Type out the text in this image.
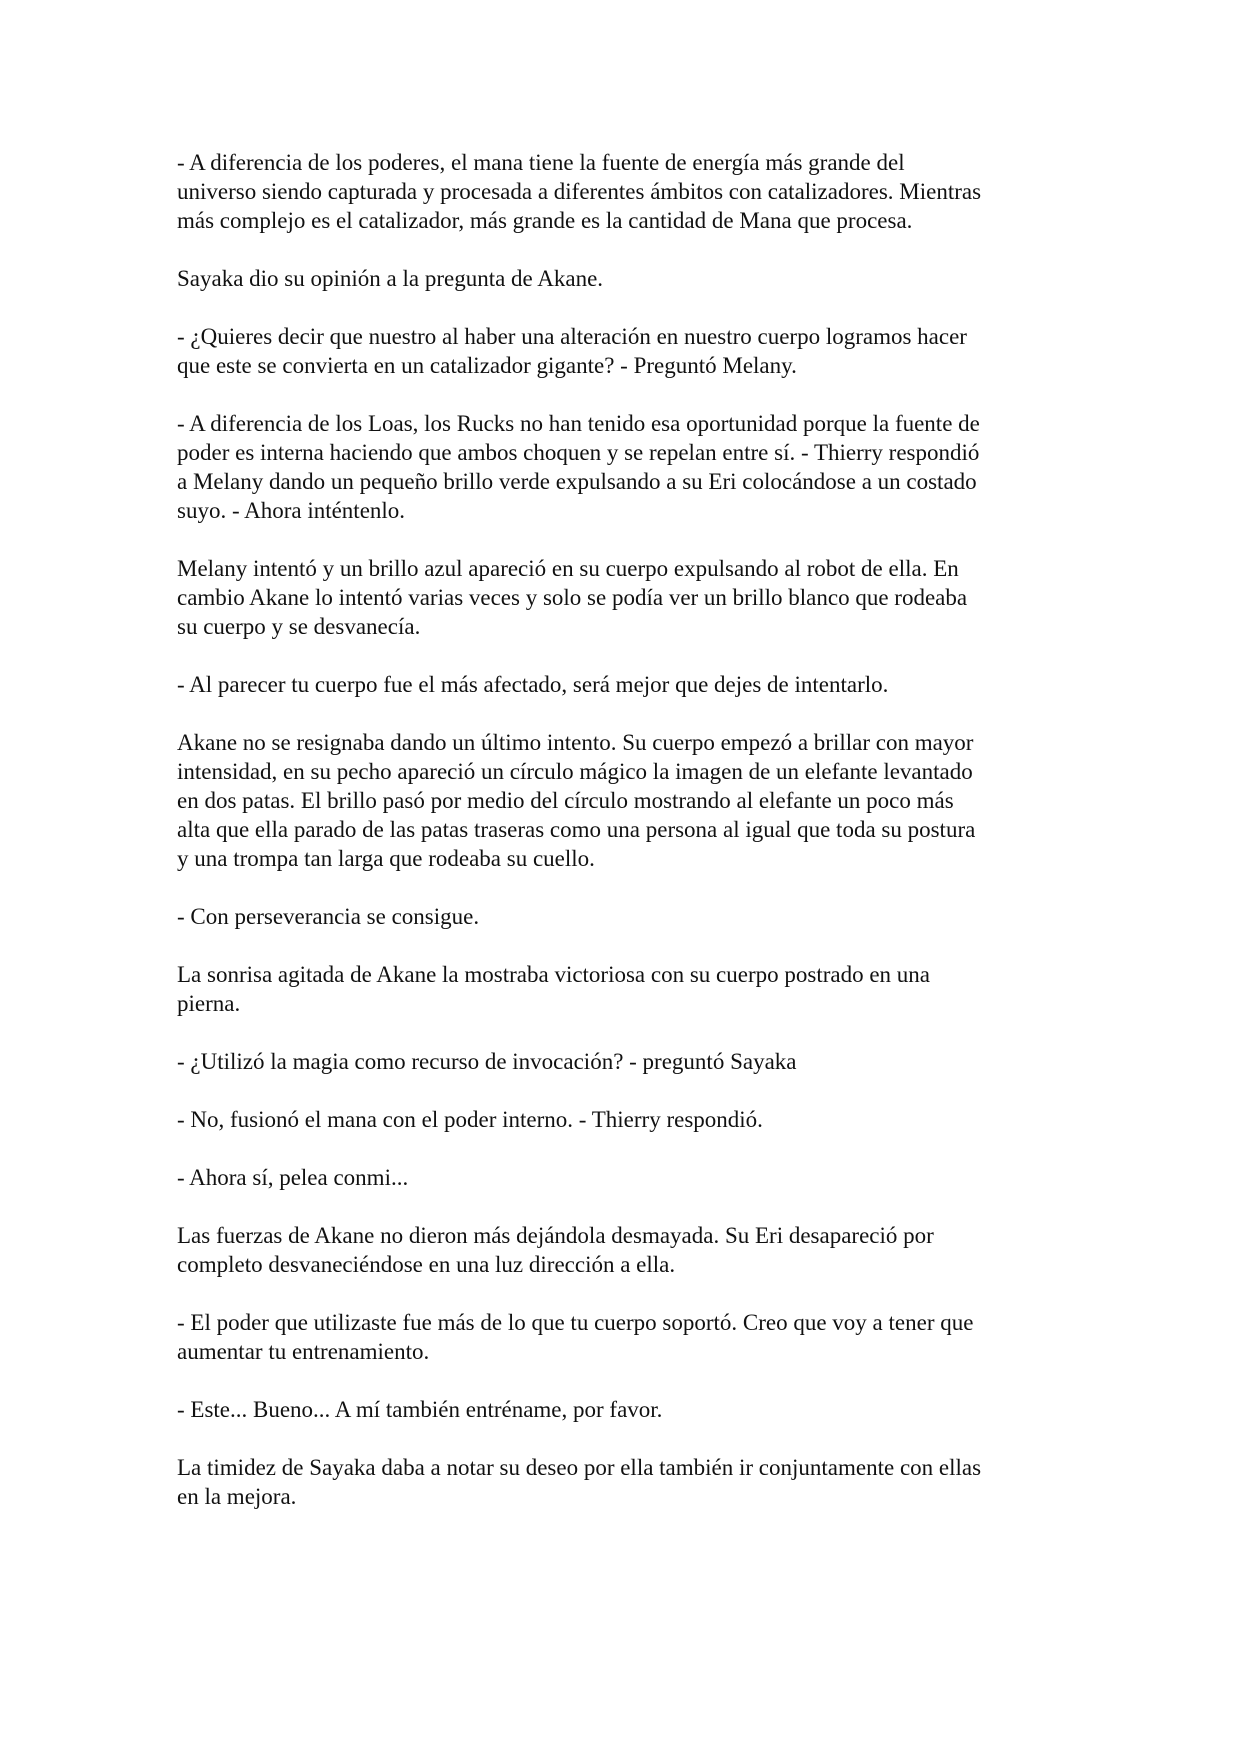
- A diferencia de los poderes, el mana tiene la fuente de energía más grande del
universo siendo capturada y procesada a diferentes ámbitos con catalizadores. Mientras
más complejo es el catalizador, más grande es la cantidad de Mana que procesa.

Sayaka dio su opinión a la pregunta de Akane.

- ¿Quieres decir que nuestro al haber una alteración en nuestro cuerpo logramos hacer
que este se convierta en un catalizador gigante? - Preguntó Melany.

- A diferencia de los Loas, los Rucks no han tenido esa oportunidad porque la fuente de
poder es interna haciendo que ambos choquen y se repelan entre sí. - Thierry respondió
a Melany dando un pequeño brillo verde expulsando a su Eri colocándose a un costado
suyo. - Ahora inténtenlo.

Melany intentó y un brillo azul apareció en su cuerpo expulsando al robot de ella. En
cambio Akane lo intentó varias veces y solo se podía ver un brillo blanco que rodeaba
su cuerpo y se desvanecía.

- Al parecer tu cuerpo fue el más afectado, será mejor que dejes de intentarlo.

Akane no se resignaba dando un último intento. Su cuerpo empezó a brillar con mayor
intensidad, en su pecho apareció un círculo mágico la imagen de un elefante levantado
en dos patas. El brillo pasó por medio del círculo mostrando al elefante un poco más
alta que ella parado de las patas traseras como una persona al igual que toda su postura
y una trompa tan larga que rodeaba su cuello.

- Con perseverancia se consigue.

La sonrisa agitada de Akane la mostraba victoriosa con su cuerpo postrado en una
pierna.

- ¿Utilizó la magia como recurso de invocación? - preguntó Sayaka

- No, fusionó el mana con el poder interno. - Thierry respondió.

- Ahora sí, pelea conmi...

Las fuerzas de Akane no dieron más dejándola desmayada. Su Eri desapareció por
completo desvaneciéndose en una luz dirección a ella.

- El poder que utilizaste fue más de lo que tu cuerpo soportó. Creo que voy a tener que
aumentar tu entrenamiento.

- Este... Bueno... A mí también entréname, por favor.

La timidez de Sayaka daba a notar su deseo por ella también ir conjuntamente con ellas
en la mejora.
